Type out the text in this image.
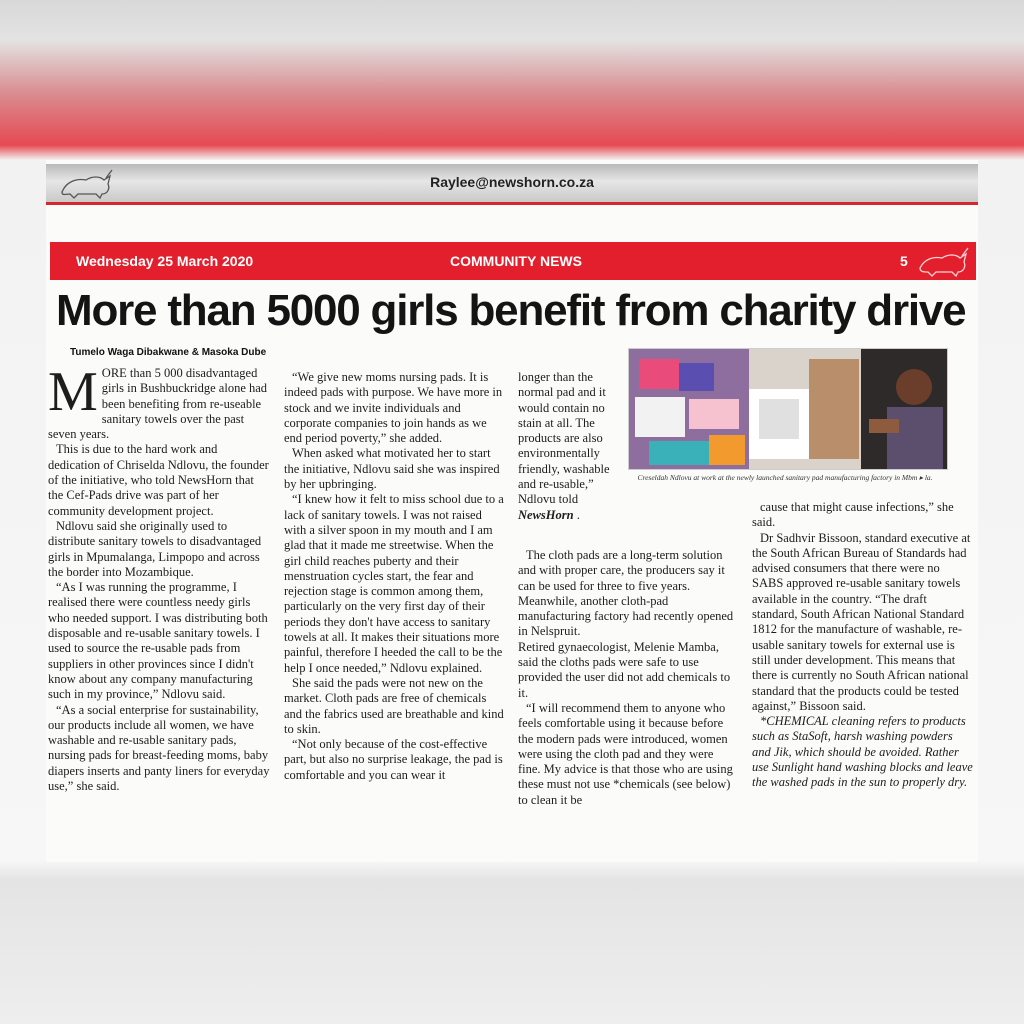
Raylee@newshorn.co.za
Wednesday 25 March 2020	COMMUNITY NEWS	5
More than 5000 girls benefit from charity drive
Tumelo Waga Dibakwane & Masoka Dube

MORE than 5 000 disadvantaged girls in Bushbuckridge alone had been benefiting from re-useable sanitary towels over the past seven years.

This is due to the hard work and dedication of Chriselda Ndlovu, the founder of the initiative, who told NewsHorn that the Cef-Pads drive was part of her community development project.

Ndlovu said she originally used to distribute sanitary towels to disadvantaged girls in Mpumalanga, Limpopo and across the border into Mozambique.

“As I was running the programme, I realised there were countless needy girls who needed support. I was distributing both disposable and re-usable sanitary towels. I used to source the re-usable pads from suppliers in other provinces since I didn't know about any company manufacturing such in my province,” Ndlovu said.

“As a social enterprise for sustainability, our products include all women, we have washable and re-usable sanitary pads, nursing pads for breast-feeding moms, baby diapers inserts and panty liners for everyday use,” she said.

“We give new moms nursing pads. It is indeed pads with purpose. We have more in stock and we invite individuals and corporate companies to join hands as we end period poverty,” she added.

When asked what motivated her to start the initiative, Ndlovu said she was inspired by her upbringing.

“I knew how it felt to miss school due to a lack of sanitary towels. I was not raised with a silver spoon in my mouth and I am glad that it made me streetwise. When the girl child reaches puberty and their menstruation cycles start, the fear and rejection stage is common among them, particularly on the very first day of their periods they don't have access to sanitary towels at all. It makes their situations more painful, therefore I heeded the call to be the help I once needed,” Ndlovu explained.

She said the pads were not new on the market. Cloth pads are free of chemicals and the fabrics used are breathable and kind to skin.

“Not only because of the cost-effective part, but also no surprise leakage, the pad is comfortable and you can wear it

longer than the normal pad and it would contain no stain at all. The products are also environmentally friendly, washable and re-usable,” Ndlovu told NewsHorn .

The cloth pads are a long-term solution and with proper care, the producers say it can be used for three to five years.

Meanwhile, another cloth-pad manufacturing factory had recently opened in Nelspruit.

Retired gynaecologist, Melenie Mamba, said the cloths pads were safe to use provided the user did not add chemicals to it.

“I will recommend them to anyone who feels comfortable using it because before the modern pads were introduced, women were using the cloth pad and they were fine. My advice is that those who are using these must not use *chemicals (see below) to clean it be

Creseldah Ndlovu at work at the newly launched sanitary pad manufacturing factory in Mbm ▸ la.

cause that might cause infections,” she said.

Dr Sadhvir Bissoon, standard executive at the South African Bureau of Standards had advised consumers that there were no SABS approved re-usable sanitary towels available in the country. “The draft standard, South African National Standard 1812 for the manufacture of washable, re-usable sanitary towels for external use is still under development. This means that there is currently no South African national standard that the products could be tested against,” Bissoon said.

*CHEMICAL cleaning refers to products such as StaSoft, harsh washing powders and Jik, which should be avoided. Rather use Sunlight hand washing blocks and leave the washed pads in the sun to properly dry.
